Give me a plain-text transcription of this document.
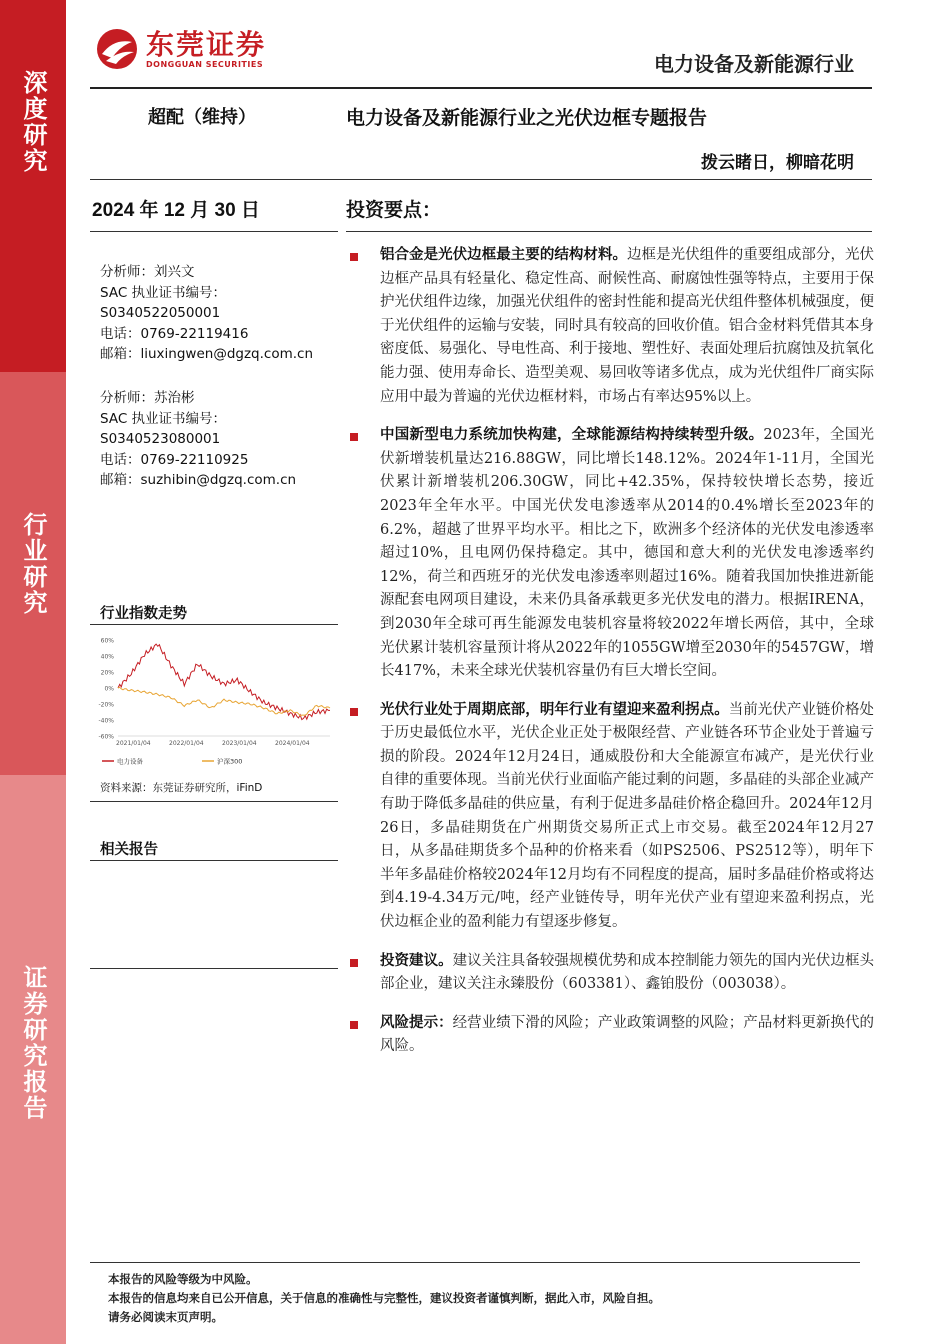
深度研究
行业研究
证券研究报告
东莞证券
DONGGUAN SECURITIES	电力设备及新能源行业
超配（维持）	电力设备及新能源行业之光伏边框专题报告
拨云睹日，柳暗花明
2024 年 12 月 30 日	投资要点：
分析师：刘兴文
SAC 执业证书编号：
S0340522050001
电话：0769-22119416
邮箱：liuxingwen@dgzq.com.cn
分析师：苏治彬
SAC 执业证书编号：
S0340523080001
电话：0769-22110925
邮箱：suzhibin@dgzq.com.cn
行业指数走势
60%
40%
20%
0%
-20%
-40%
-60%
2021/01/04	2022/01/04	2023/01/04	2024/01/04
电力设备	沪深300
资料来源：东莞证券研究所，iFinD
相关报告
铝合金是光伏边框最主要的结构材料。边框是光伏组件的重要组成部分，光伏边框产品具有轻量化、稳定性高、耐候性高、耐腐蚀性强等特点，主要用于保护光伏组件边缘，加强光伏组件的密封性能和提高光伏组件整体机械强度，便于光伏组件的运输与安装，同时具有较高的回收价值。铝合金材料凭借其本身密度低、易强化、导电性高、利于接地、塑性好、表面处理后抗腐蚀及抗氧化能力强、使用寿命长、造型美观、易回收等诸多优点，成为光伏组件厂商实际应用中最为普遍的光伏边框材料，市场占有率达95%以上。
中国新型电力系统加快构建，全球能源结构持续转型升级。2023年，全国光伏新增装机量达216.88GW，同比增长148.12%。2024年1-11月，全国光伏累计新增装机206.30GW，同比+42.35%，保持较快增长态势，接近2023年全年水平。中国光伏发电渗透率从2014的0.4%增长至2023年的6.2%，超越了世界平均水平。相比之下，欧洲多个经济体的光伏发电渗透率超过10%，且电网仍保持稳定。其中，德国和意大利的光伏发电渗透率约12%，荷兰和西班牙的光伏发电渗透率则超过16%。随着我国加快推进新能源配套电网项目建设，未来仍具备承载更多光伏发电的潜力。根据IRENA，到2030年全球可再生能源发电装机容量将较2022年增长两倍，其中，全球光伏累计装机容量预计将从2022年的1055GW增至2030年的5457GW，增长417%，未来全球光伏装机容量仍有巨大增长空间。
光伏行业处于周期底部，明年行业有望迎来盈利拐点。当前光伏产业链价格处于历史最低位水平，光伏企业正处于极限经营、产业链各环节企业处于普遍亏损的阶段。2024年12月24日，通威股份和大全能源宣布减产，是光伏行业自律的重要体现。当前光伏行业面临产能过剩的问题，多晶硅的头部企业减产有助于降低多晶硅的供应量，有利于促进多晶硅价格企稳回升。2024年12月26日，多晶硅期货在广州期货交易所正式上市交易。截至2024年12月27日，从多晶硅期货多个品种的价格来看（如PS2506、PS2512等），明年下半年多晶硅价格较2024年12月均有不同程度的提高，届时多晶硅价格或将达到4.19-4.34万元/吨，经产业链传导，明年光伏产业有望迎来盈利拐点，光伏边框企业的盈利能力有望逐步修复。
投资建议。建议关注具备较强规模优势和成本控制能力领先的国内光伏边框头部企业，建议关注永臻股份（603381）、鑫铂股份（003038）。
风险提示：经营业绩下滑的风险；产业政策调整的风险；产品材料更新换代的风险。
本报告的风险等级为中风险。
本报告的信息均来自已公开信息，关于信息的准确性与完整性，建议投资者谨慎判断，据此入市，风险自担。
请务必阅读末页声明。
